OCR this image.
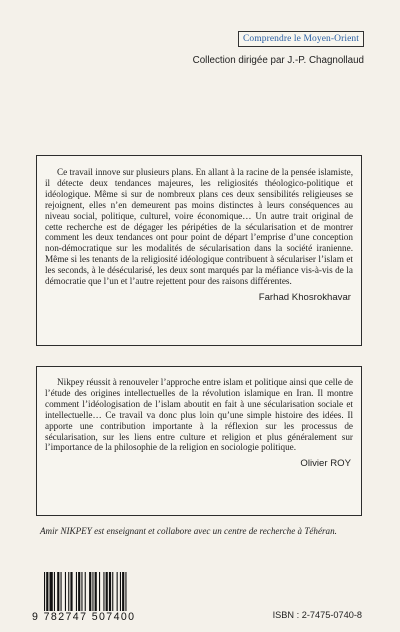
Comprendre le Moyen-Orient
Collection dirigée par J.-P. Chagnollaud

Ce travail innove sur plusieurs plans. En allant à la racine de la pensée islamiste, il détecte deux tendances majeures, les religiosités théologico-politique et idéologique. Même si sur de nombreux plans ces deux sensibilités religieuses se rejoignent, elles n’en demeurent pas moins distinctes à leurs conséquences au niveau social, politique, culturel, voire économique… Un autre trait original de cette recherche est de dégager les péripéties de la sécularisation et de montrer comment les deux tendances ont pour point de départ l’emprise d’une conception non-démocratique sur les modalités de sécularisation dans la société iranienne. Même si les tenants de la religiosité idéologique contribuent à séculariser l’islam et les seconds, à le désécularisé, les deux sont marqués par la méfiance vis-à-vis de la démocratie que l’un et l’autre rejettent pour des raisons différentes.

Farhad Khosrokhavar

Nikpey réussit à renouveler l’approche entre islam et politique ainsi que celle de l’étude des origines intellectuelles de la révolution islamique en Iran. Il montre comment l’idéologisation de l’islam aboutit en fait à une sécularisation sociale et intellectuelle… Ce travail va donc plus loin qu’une simple histoire des idées. Il apporte une contribution importante à la réflexion sur les processus de sécularisation, sur les liens entre culture et religion et plus généralement sur l’importance de la philosophie de la religion en sociologie politique.

Olivier ROY

Amir NIKPEY est enseignant et collabore avec un centre de recherche à Téhéran.

9 782747 507400	ISBN : 2-7475-0740-8
